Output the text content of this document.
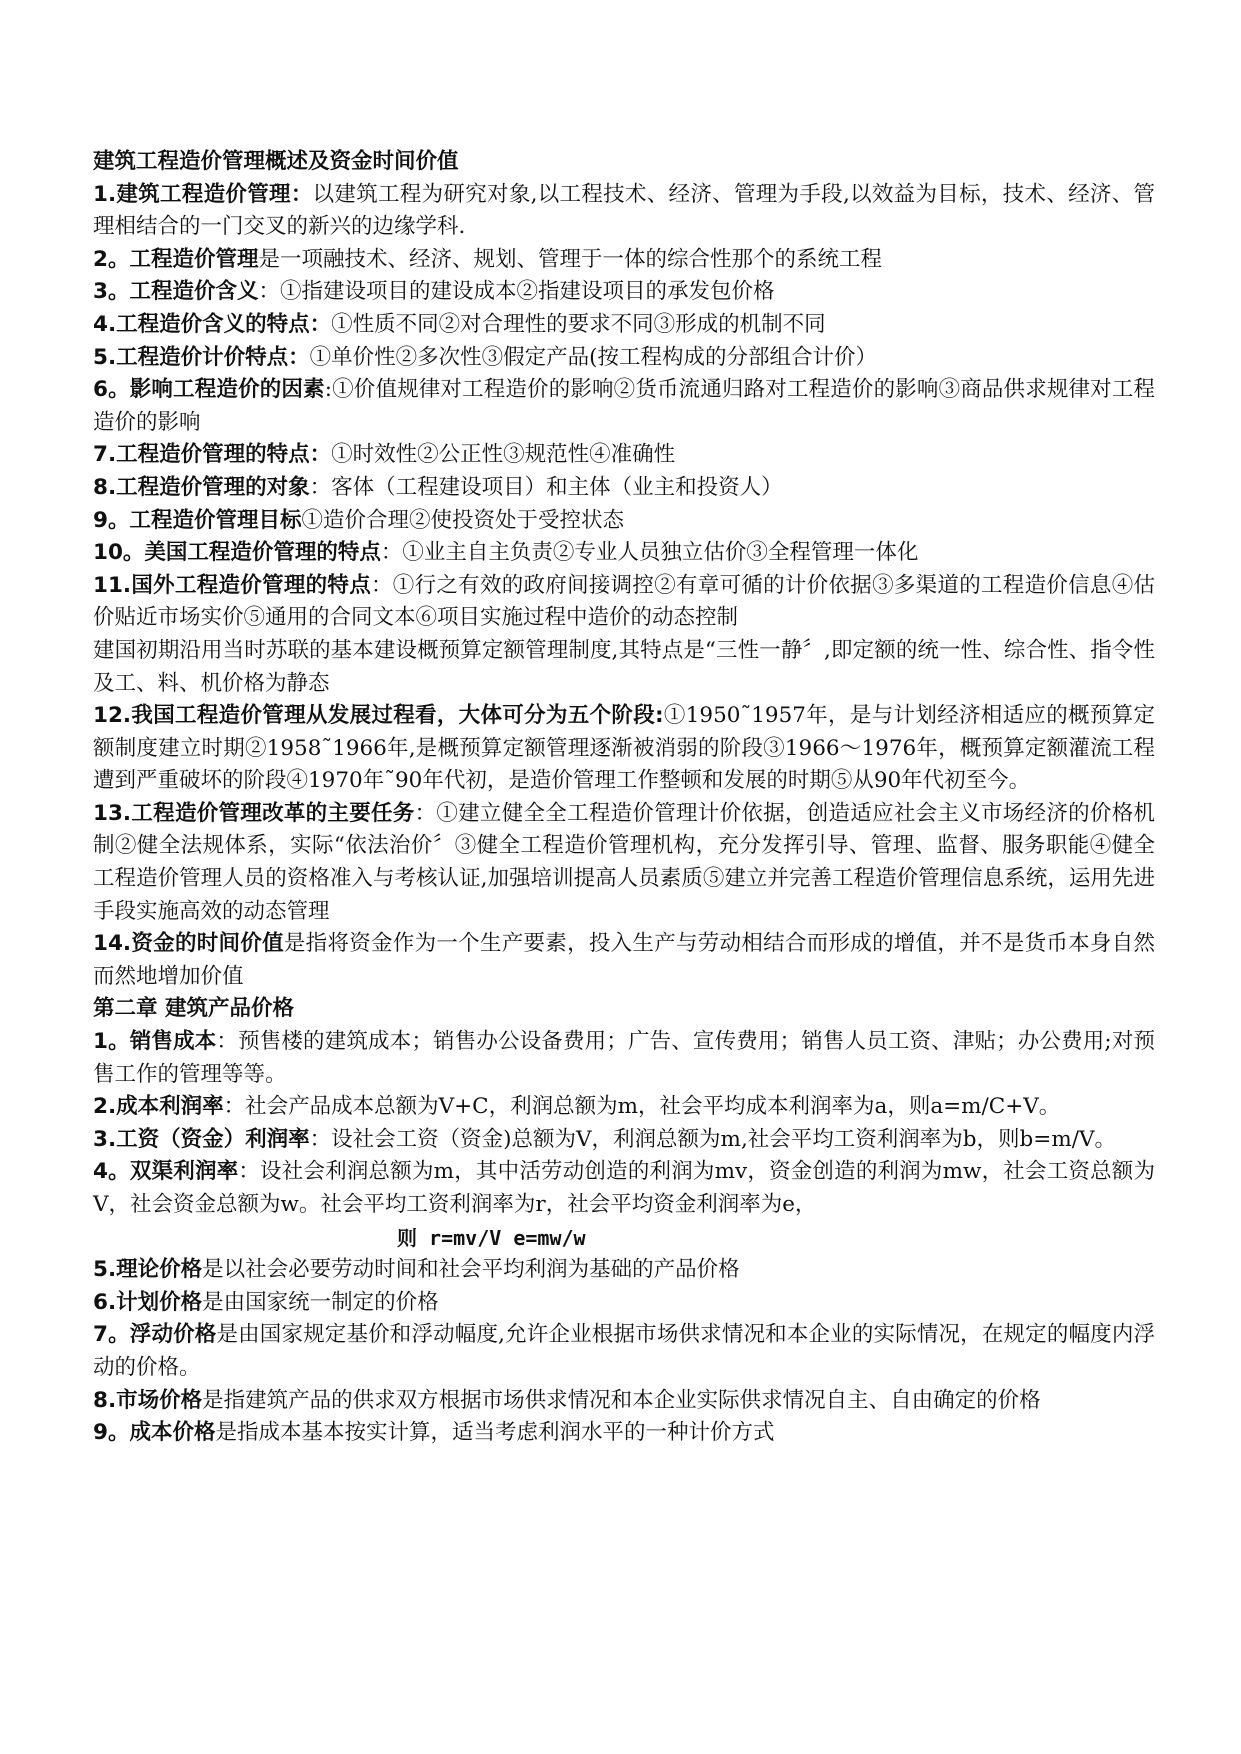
建筑工程造价管理概述及资金时间价值
1.建筑工程造价管理：以建筑工程为研究对象,以工程技术、经济、管理为手段,以效益为目标，技术、经济、管理相结合的一门交叉的新兴的边缘学科.
2。工程造价管理是一项融技术、经济、规划、管理于一体的综合性那个的系统工程
3。工程造价含义：①指建设项目的建设成本②指建设项目的承发包价格
4.工程造价含义的特点：①性质不同②对合理性的要求不同③形成的机制不同
5.工程造价计价特点：①单价性②多次性③假定产品(按工程构成的分部组合计价）
6。影响工程造价的因素:①价值规律对工程造价的影响②货币流通归路对工程造价的影响③商品供求规律对工程造价的影响
7.工程造价管理的特点：①时效性②公正性③规范性④准确性
8.工程造价管理的对象：客体（工程建设项目）和主体（业主和投资人）
9。工程造价管理目标①造价合理②使投资处于受控状态
10。美国工程造价管理的特点：①业主自主负责②专业人员独立估价③全程管理一体化
11.国外工程造价管理的特点：①行之有效的政府间接调控②有章可循的计价依据③多渠道的工程造价信息④估价贴近市场实价⑤通用的合同文本⑥项目实施过程中造价的动态控制
建国初期沿用当时苏联的基本建设概预算定额管理制度,其特点是“三性一静〞,即定额的统一性、综合性、指令性及工、料、机价格为静态
12.我国工程造价管理从发展过程看，大体可分为五个阶段:①1950˜1957年，是与计划经济相适应的概预算定额制度建立时期②1958˜1966年,是概预算定额管理逐渐被消弱的阶段③1966～1976年，概预算定额灌流工程遭到严重破坏的阶段④1970年˜90年代初，是造价管理工作整顿和发展的时期⑤从90年代初至今。
13.工程造价管理改革的主要任务：①建立健全全工程造价管理计价依据，创造适应社会主义市场经济的价格机制②健全法规体系，实际“依法治价〞③健全工程造价管理机构，充分发挥引导、管理、监督、服务职能④健全工程造价管理人员的资格准入与考核认证,加强培训提高人员素质⑤建立并完善工程造价管理信息系统，运用先进手段实施高效的动态管理
14.资金的时间价值是指将资金作为一个生产要素，投入生产与劳动相结合而形成的增值，并不是货币本身自然而然地增加价值
第二章 建筑产品价格
1。销售成本：预售楼的建筑成本；销售办公设备费用；广告、宣传费用；销售人员工资、津贴；办公费用;对预售工作的管理等等。
2.成本利润率：社会产品成本总额为V+C，利润总额为m，社会平均成本利润率为a，则a=m/C+V。
3.工资（资金）利润率：设社会工资（资金)总额为V，利润总额为m,社会平均工资利润率为b，则b=m/V。
4。双渠利润率：设社会利润总额为m，其中活劳动创造的利润为mv，资金创造的利润为mw，社会工资总额为V，社会资金总额为w。社会平均工资利润率为r，社会平均资金利润率为e，
则 r=mv/V e=mw/w
5.理论价格是以社会必要劳动时间和社会平均利润为基础的产品价格
6.计划价格是由国家统一制定的价格
7。浮动价格是由国家规定基价和浮动幅度,允许企业根据市场供求情况和本企业的实际情况，在规定的幅度内浮动的价格。
8.市场价格是指建筑产品的供求双方根据市场供求情况和本企业实际供求情况自主、自由确定的价格
9。成本价格是指成本基本按实计算，适当考虑利润水平的一种计价方式
